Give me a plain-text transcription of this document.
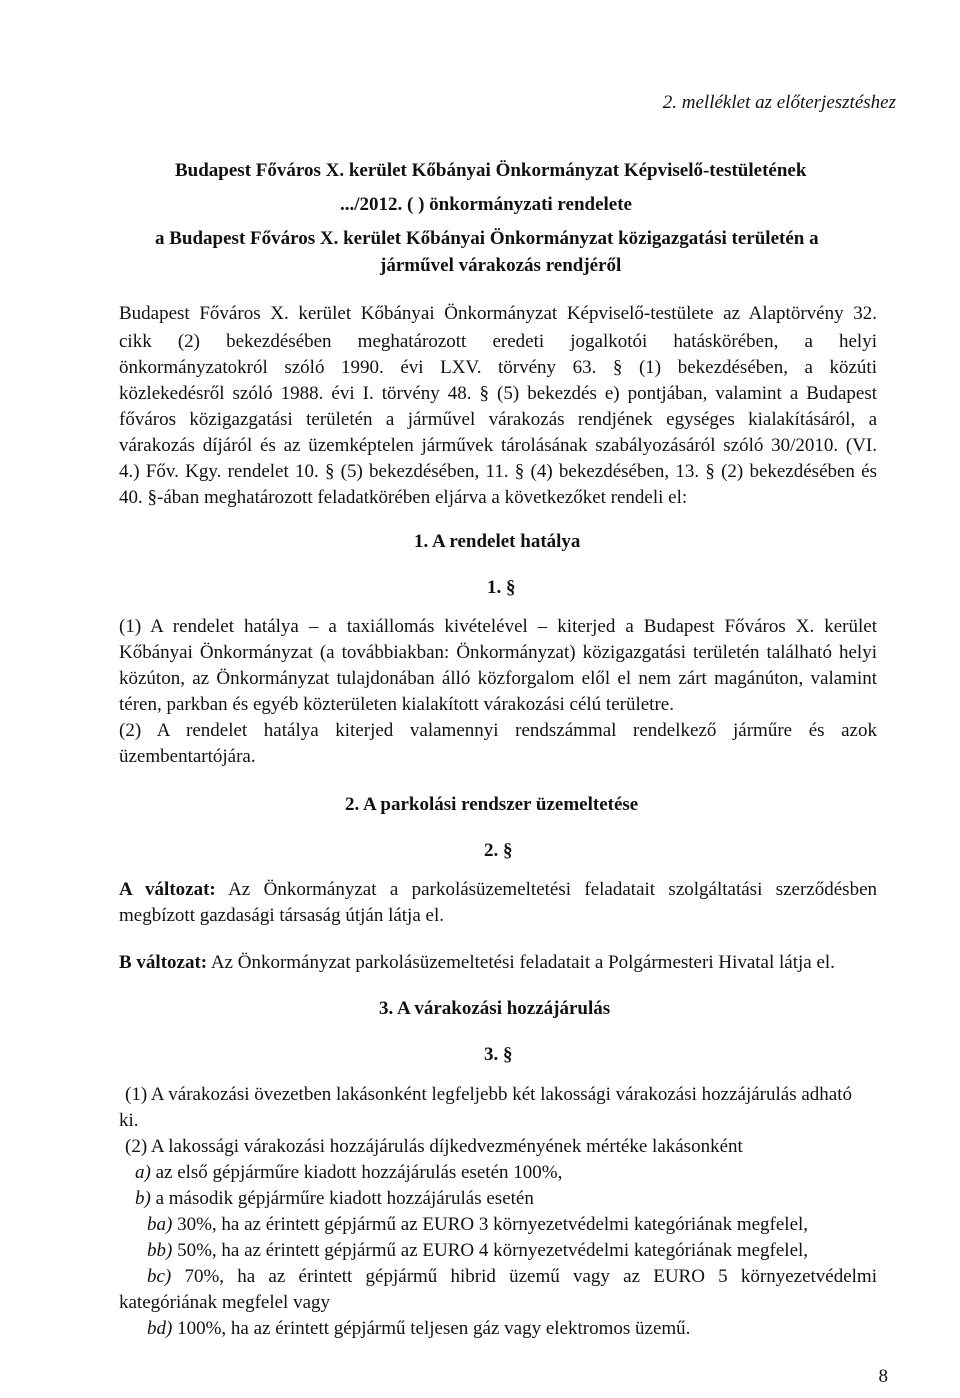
2. melléklet az előterjesztéshez
Budapest Főváros X. kerület Kőbányai Önkormányzat Képviselő-testületének
.../2012. ( ) önkormányzati rendelete
a Budapest Főváros X. kerület Kőbányai Önkormányzat közigazgatási területén a
járművel várakozás rendjéről
Budapest Főváros X. kerület Kőbányai Önkormányzat Képviselő-testülete az Alaptörvény 32.
cikk (2) bekezdésében meghatározott eredeti jogalkotói hatáskörében, a helyi
önkormányzatokról szóló 1990. évi LXV. törvény 63. § (1) bekezdésében, a közúti
közlekedésről szóló 1988. évi I. törvény 48. § (5) bekezdés e) pontjában, valamint a Budapest
főváros közigazgatási területén a járművel várakozás rendjének egységes kialakításáról, a
várakozás díjáról és az üzemképtelen járművek tárolásának szabályozásáról szóló 30/2010. (VI.
4.) Főv. Kgy. rendelet 10. § (5) bekezdésében, 11. § (4) bekezdésében, 13. § (2) bekezdésében és
40. §-ában meghatározott feladatkörében eljárva a következőket rendeli el:
1. A rendelet hatálya
1. §
(1) A rendelet hatálya – a taxiállomás kivételével – kiterjed a Budapest Főváros X. kerület
Kőbányai Önkormányzat (a továbbiakban: Önkormányzat) közigazgatási területén található helyi
közúton, az Önkormányzat tulajdonában álló közforgalom elől el nem zárt magánúton, valamint
téren, parkban és egyéb közterületen kialakított várakozási célú területre.
(2) A rendelet hatálya kiterjed valamennyi rendszámmal rendelkező járműre és azok
üzembentartójára.
2. A parkolási rendszer üzemeltetése
2. §
A változat: Az Önkormányzat a parkolásüzemeltetési feladatait szolgáltatási szerződésben
megbízott gazdasági társaság útján látja el.
B változat: Az Önkormányzat parkolásüzemeltetési feladatait a Polgármesteri Hivatal látja el.
3. A várakozási hozzájárulás
3. §
(1) A várakozási övezetben lakásonként legfeljebb két lakossági várakozási hozzájárulás adható
ki.
(2) A lakossági várakozási hozzájárulás díjkedvezményének mértéke lakásonként
a) az első gépjárműre kiadott hozzájárulás esetén 100%,
b) a második gépjárműre kiadott hozzájárulás esetén
ba) 30%, ha az érintett gépjármű az EURO 3 környezetvédelmi kategóriának megfelel,
bb) 50%, ha az érintett gépjármű az EURO 4 környezetvédelmi kategóriának megfelel,
bc) 70%, ha az érintett gépjármű hibrid üzemű vagy az EURO 5 környezetvédelmi
kategóriának megfelel vagy
bd) 100%, ha az érintett gépjármű teljesen gáz vagy elektromos üzemű.
8
